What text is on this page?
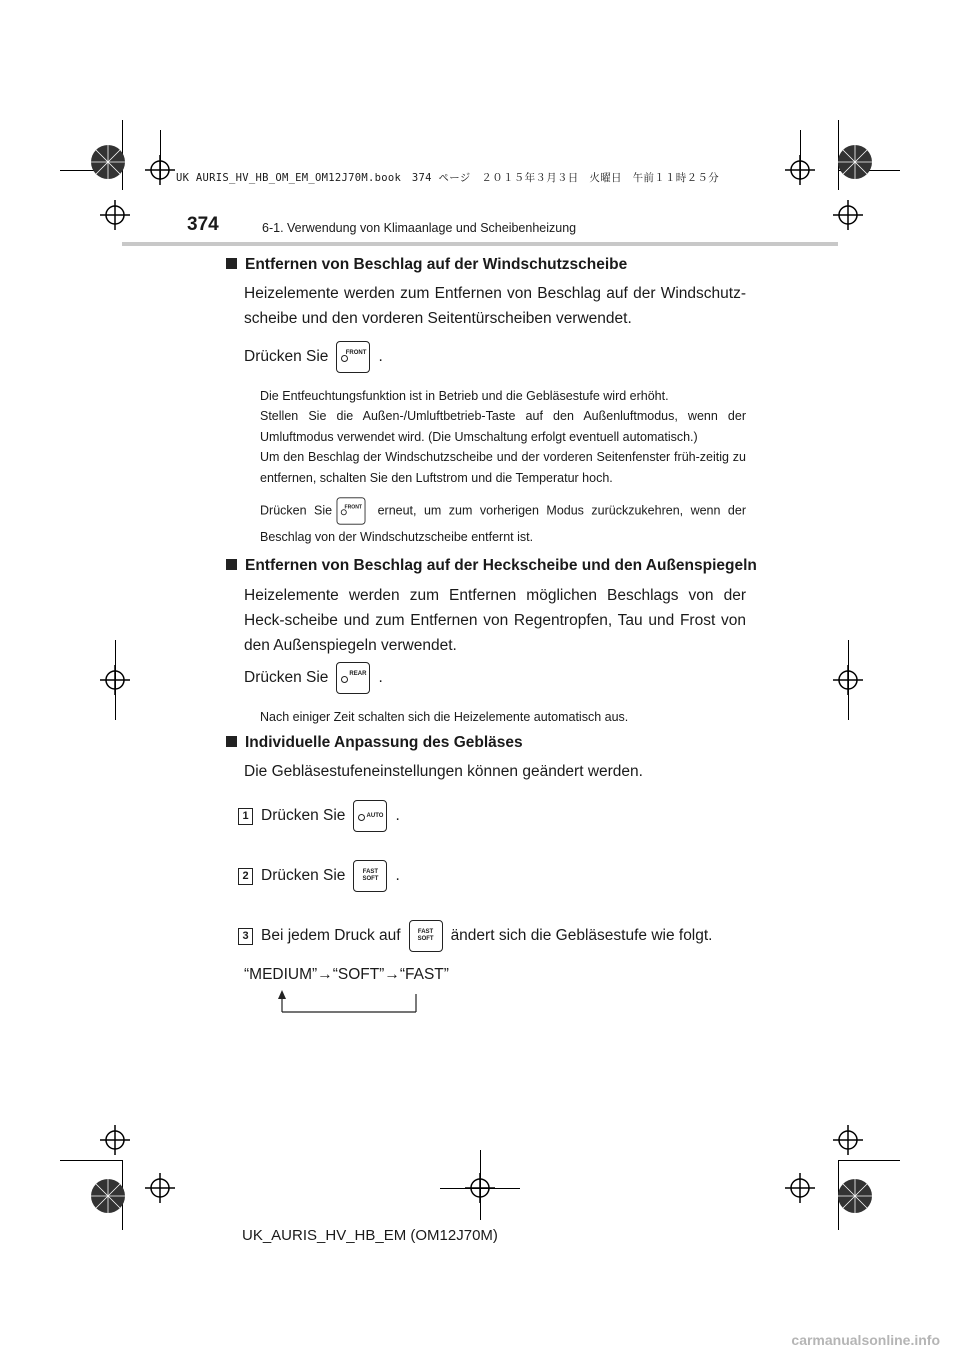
UK AURIS_HV_HB_OM_EM_OM12J70M.book　374 ページ　２０１５年３月３日　火曜日　午前１１時２５分
374	6-1. Verwendung von Klimaanlage und Scheibenheizung
Entfernen von Beschlag auf der Windschutzscheibe
Heizelemente werden zum Entfernen von Beschlag auf der Windschutz-scheibe und den vorderen Seitentürscheiben verwendet.
Drücken Sie	FRONT .
Die Entfeuchtungsfunktion ist in Betrieb und die Gebläsestufe wird erhöht.
Stellen Sie die Außen-/Umluftbetrieb-Taste auf den Außenluftmodus, wenn der Umluftmodus verwendet wird. (Die Umschaltung erfolgt eventuell automatisch.)
Um den Beschlag der Windschutzscheibe und der vorderen Seitenfenster früh-zeitig zu entfernen, schalten Sie den Luftstrom und die Temperatur hoch.
Drücken Sie FRONT erneut, um zum vorherigen Modus zurückzukehren, wenn der Beschlag von der Windschutzscheibe entfernt ist.
Entfernen von Beschlag auf der Heckscheibe und den Außenspiegeln
Heizelemente werden zum Entfernen möglichen Beschlags von der Heck-scheibe und zum Entfernen von Regentropfen, Tau und Frost von den Außenspiegeln verwendet.
Drücken Sie	REAR .
Nach einiger Zeit schalten sich die Heizelemente automatisch aus.
Individuelle Anpassung des Gebläses
Die Gebläsestufeneinstellungen können geändert werden.
1 Drücken Sie	AUTO .
2 Drücken Sie	FAST SOFT .
3 Bei jedem Druck auf	FAST SOFT ändert sich die Gebläsestufe wie folgt.
“MEDIUM”→“SOFT”→“FAST”
UK_AURIS_HV_HB_EM (OM12J70M)
carmanualsonline.info
